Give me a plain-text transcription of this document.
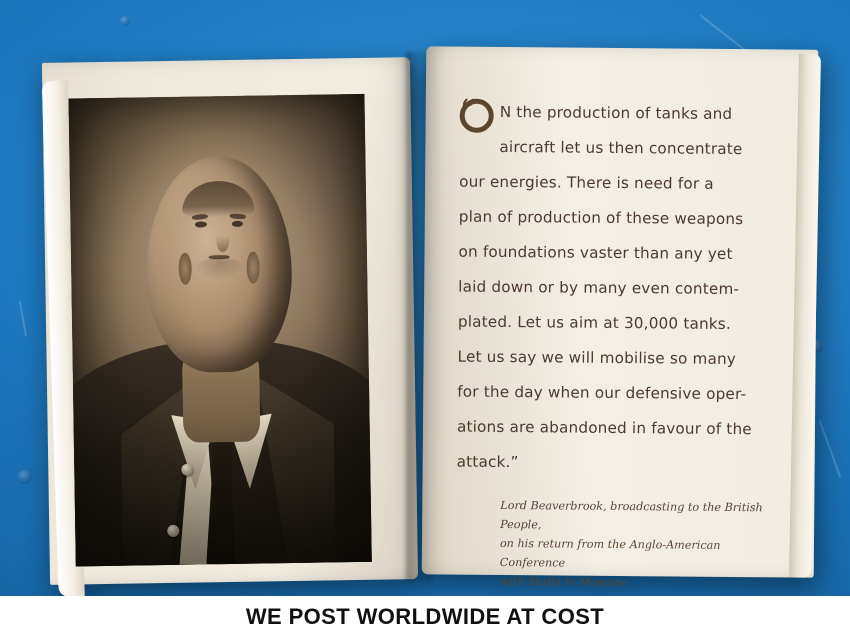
“	N the production of tanks and

aircraft let us then concentrate

our energies. There is need for a

plan of production of these weapons

on foundations vaster than any yet

laid down or by many even contem-

plated. Let us aim at 30,000 tanks.

Let us say we will mobilise so many

for the day when our defensive oper-

ations are abandoned in favour of the

attack.”

Lord Beaverbrook, broadcasting to the British People,
on his return from the Anglo-American Conference
with Stalin in Moscow.
WE POST WORLDWIDE AT COST
